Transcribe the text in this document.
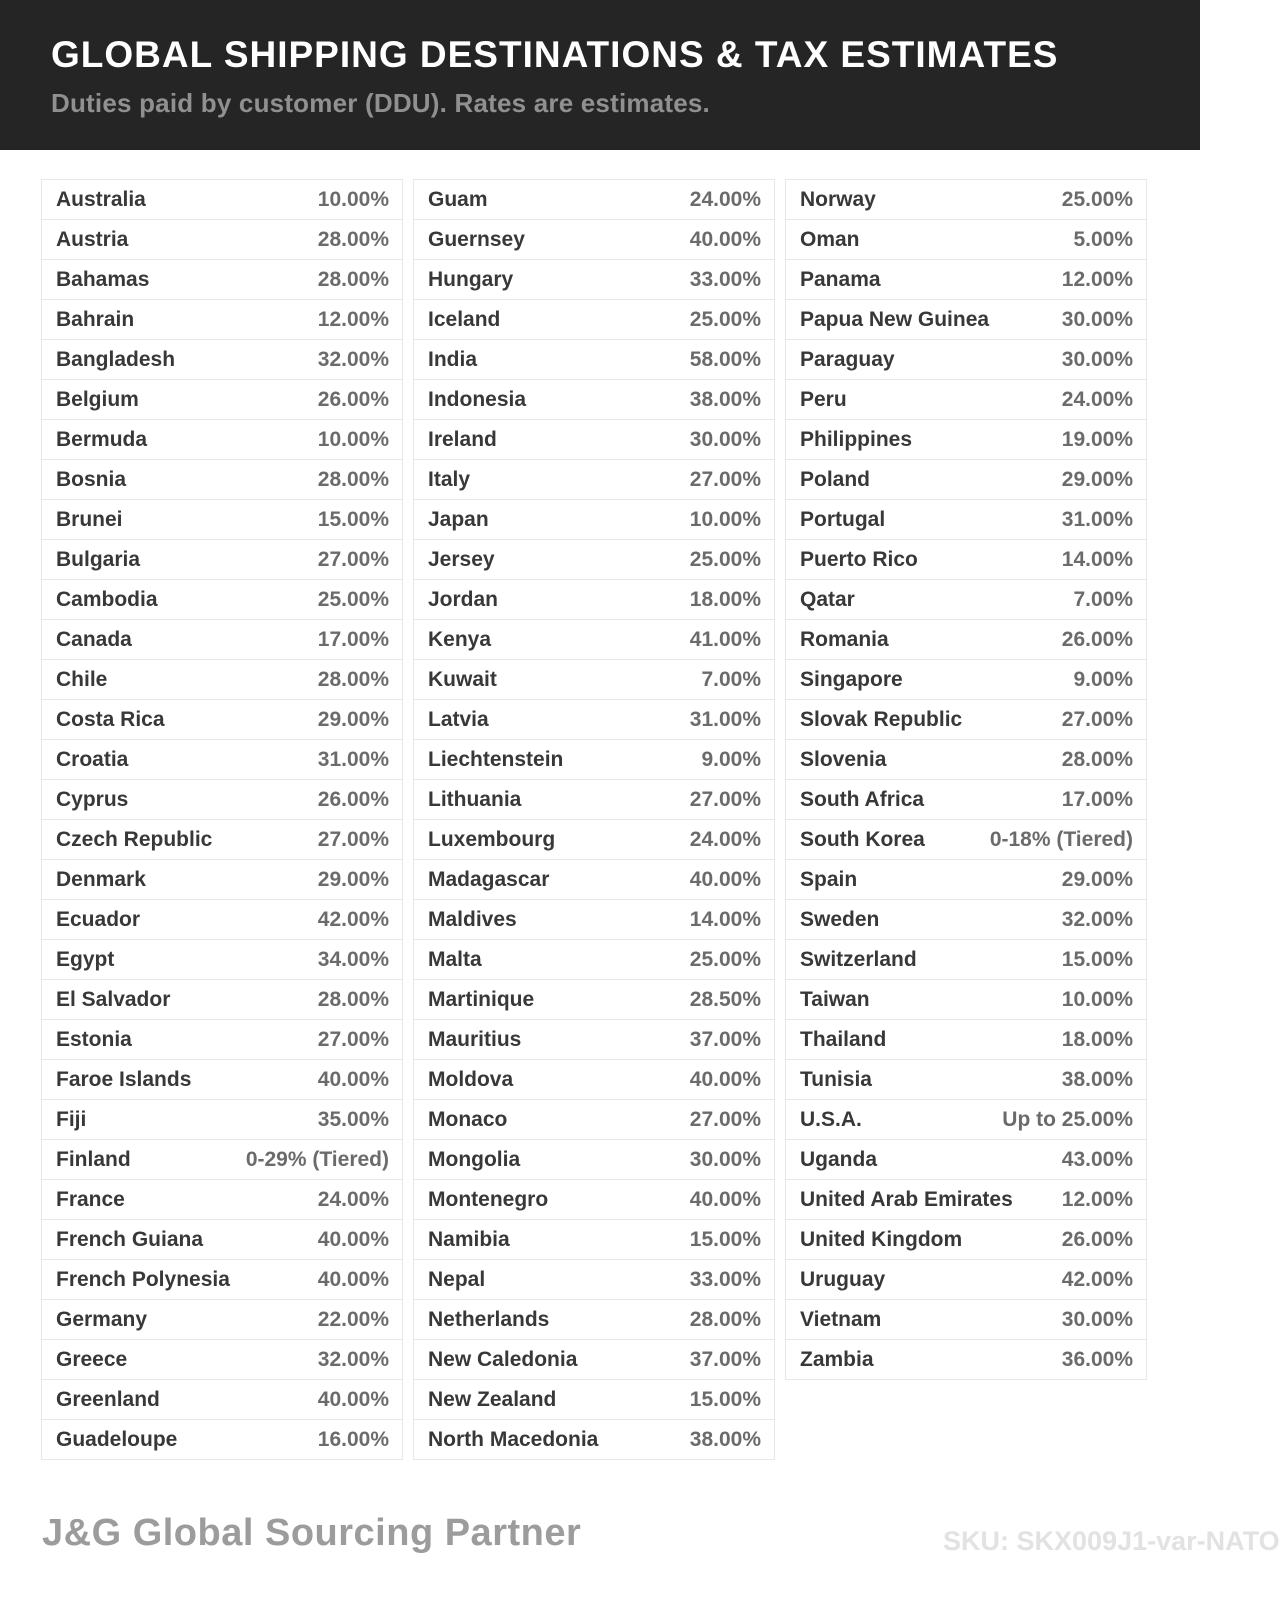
GLOBAL SHIPPING DESTINATIONS & TAX ESTIMATES
Duties paid by customer (DDU). Rates are estimates.
Australia	10.00%
Austria	28.00%
Bahamas	28.00%
Bahrain	12.00%
Bangladesh	32.00%
Belgium	26.00%
Bermuda	10.00%
Bosnia	28.00%
Brunei	15.00%
Bulgaria	27.00%
Cambodia	25.00%
Canada	17.00%
Chile	28.00%
Costa Rica	29.00%
Croatia	31.00%
Cyprus	26.00%
Czech Republic	27.00%
Denmark	29.00%
Ecuador	42.00%
Egypt	34.00%
El Salvador	28.00%
Estonia	27.00%
Faroe Islands	40.00%
Fiji	35.00%
Finland	0-29% (Tiered)
France	24.00%
French Guiana	40.00%
French Polynesia	40.00%
Germany	22.00%
Greece	32.00%
Greenland	40.00%
Guadeloupe	16.00%
Guam	24.00%
Guernsey	40.00%
Hungary	33.00%
Iceland	25.00%
India	58.00%
Indonesia	38.00%
Ireland	30.00%
Italy	27.00%
Japan	10.00%
Jersey	25.00%
Jordan	18.00%
Kenya	41.00%
Kuwait	7.00%
Latvia	31.00%
Liechtenstein	9.00%
Lithuania	27.00%
Luxembourg	24.00%
Madagascar	40.00%
Maldives	14.00%
Malta	25.00%
Martinique	28.50%
Mauritius	37.00%
Moldova	40.00%
Monaco	27.00%
Mongolia	30.00%
Montenegro	40.00%
Namibia	15.00%
Nepal	33.00%
Netherlands	28.00%
New Caledonia	37.00%
New Zealand	15.00%
North Macedonia	38.00%
Norway	25.00%
Oman	5.00%
Panama	12.00%
Papua New Guinea	30.00%
Paraguay	30.00%
Peru	24.00%
Philippines	19.00%
Poland	29.00%
Portugal	31.00%
Puerto Rico	14.00%
Qatar	7.00%
Romania	26.00%
Singapore	9.00%
Slovak Republic	27.00%
Slovenia	28.00%
South Africa	17.00%
South Korea	0-18% (Tiered)
Spain	29.00%
Sweden	32.00%
Switzerland	15.00%
Taiwan	10.00%
Thailand	18.00%
Tunisia	38.00%
U.S.A.	Up to 25.00%
Uganda	43.00%
United Arab Emirates 12.00%
United Kingdom	26.00%
Uruguay	42.00%
Vietnam	30.00%
Zambia	36.00%
J&G Global Sourcing Partner	SKU: SKX009J1-var-NATO
